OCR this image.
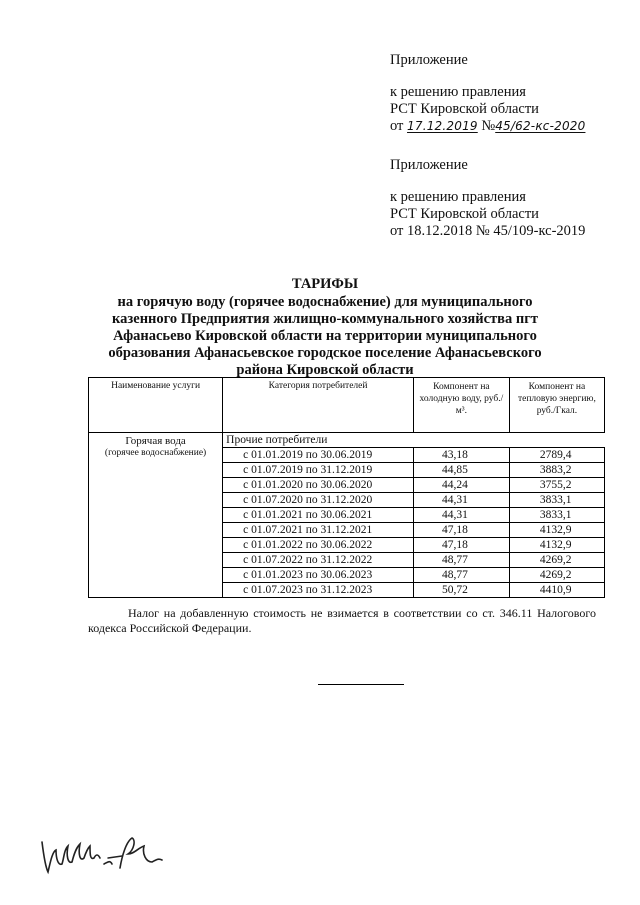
Приложение
к решению правления
РСТ Кировской области
от 17.12.2019 №45/62-кс-2020
Приложение
к решению правления
РСТ Кировской области
от 18.12.2018 № 45/109-кс-2019
ТАРИФЫ
на горячую воду (горячее водоснабжение) для муниципального
казенного Предприятия жилищно-коммунального хозяйства пгт
Афанасьево Кировской области на территории муниципального
образования Афанасьевское городское поселение Афанасьевского
района Кировской области
Наименование услуги	Категория потребителей	Компонент на холодную воду, руб./м³.	Компонент на тепловую энергию, руб./Гкал.

Горячая вода
(горячее водоснабжение)	Прочие потребители		
	с 01.01.2019 по 30.06.2019	43,18	2789,4
	с 01.07.2019 по 31.12.2019	44,85	3883,2
	с 01.01.2020 по 30.06.2020	44,24	3755,2
	с 01.07.2020 по 31.12.2020	44,31	3833,1
	с 01.01.2021 по 30.06.2021	44,31	3833,1
	с 01.07.2021 по 31.12.2021	47,18	4132,9
	с 01.01.2022 по 30.06.2022	47,18	4132,9
	с 01.07.2022 по 31.12.2022	48,77	4269,2
	с 01.01.2023 по 30.06.2023	48,77	4269,2
	с 01.07.2023 по 31.12.2023	50,72	4410,9
Налог на добавленную стоимость не взимается в соответствии со ст. 346.11 Налогового кодекса Российской Федерации.
